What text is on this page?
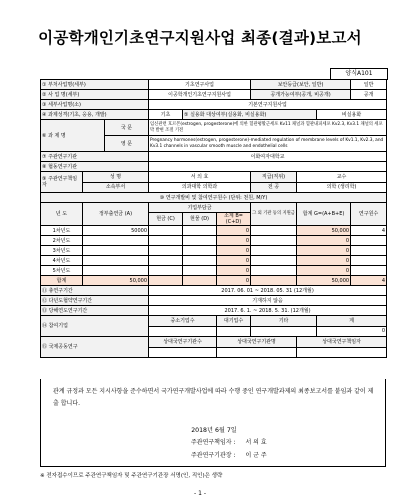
이공학개인기초연구지원사업 최종(결과)보고서
양식A101
① 부처사업명(세부)			기초연구사업			보안등급(보안, 일반)			일반
② 사 업 명(세부)			이공학개인기초연구지원사업			공개가능여부(공개, 비공개)			공개
③ 세부사업명(소)			기본연구지원사업						
④ 과제성격(기초, 응용, 개발)			기초	⑤ 실용화 대상여부(실용화, 비실용화)				비실용화	
⑥ 과 제 명		국 문	임신관련 호르몬(estrogen, progesterone)에 의한 혈관평활근세포 Kv11 채널과 혈관내피세포 Kv2.3, Kv3.1 채널의 세포막 발현 조절 기전						
		영 문	Pregnancy hormones(estrogen, progesterone)-mediated regulation of membrane levels of Kv1.1, Kv2.3, and Kv3.1 channels in vascular smooth muscle and endothelial cells						
⑦ 주관연구기관			이화여자대학교						
⑧ 협동연구기관									
⑨ 주관연구책임자	성 명		서 의 효			직급(직위)	교수		
	소속부서		의과대학 의학과			전 공	의학 (생리학)		
⑩ 연구개발비 및 참여연구원수 (단위: 천원, M/Y)									
년 도	정부출연금 (A)		기업부담금			그 외 기관 등의 지원금	합계 G=(A+B+E)		연구원수
			현금 (C)	현물 (D)	소계 B=(C+D)				
1차년도	50000				0		50,000		4
2차년도					0		0		
3차년도					0		0		
4차년도					0		0		
5차년도					0		0		
합계	50,000				0		50,000		4
⑪ 총연구기간			2017. 06. 01 ~ 2018. 05. 31 (12개월)						
⑫ 다년도협약연구기간			기재하지 않음						
⑬ 당해연도연구기간			2017. 6. 1. ~ 2018. 5. 31. (12개월)						
⑭ 참여기업			중소기업수		대기업수	기타		계	
								0	
⑮ 국제공동연구			상대국연구기관수		상대국연구기관명		상대국연구책임자		

관계 규정과 모든 지시사항을 준수하면서 국가연구개발사업에 따라 수행 중인 연구개발과제의 최종보고서를 붙임과 같이 제출 합니다.
2018년 6월 7일
주관연구책임자 : 서 의 효
주관연구기관장 : 이 군 주
※ 전자접수이므로 주관연구책임자 및 주관연구기관장 서명(인, 직인)은 생략
- 1 -
